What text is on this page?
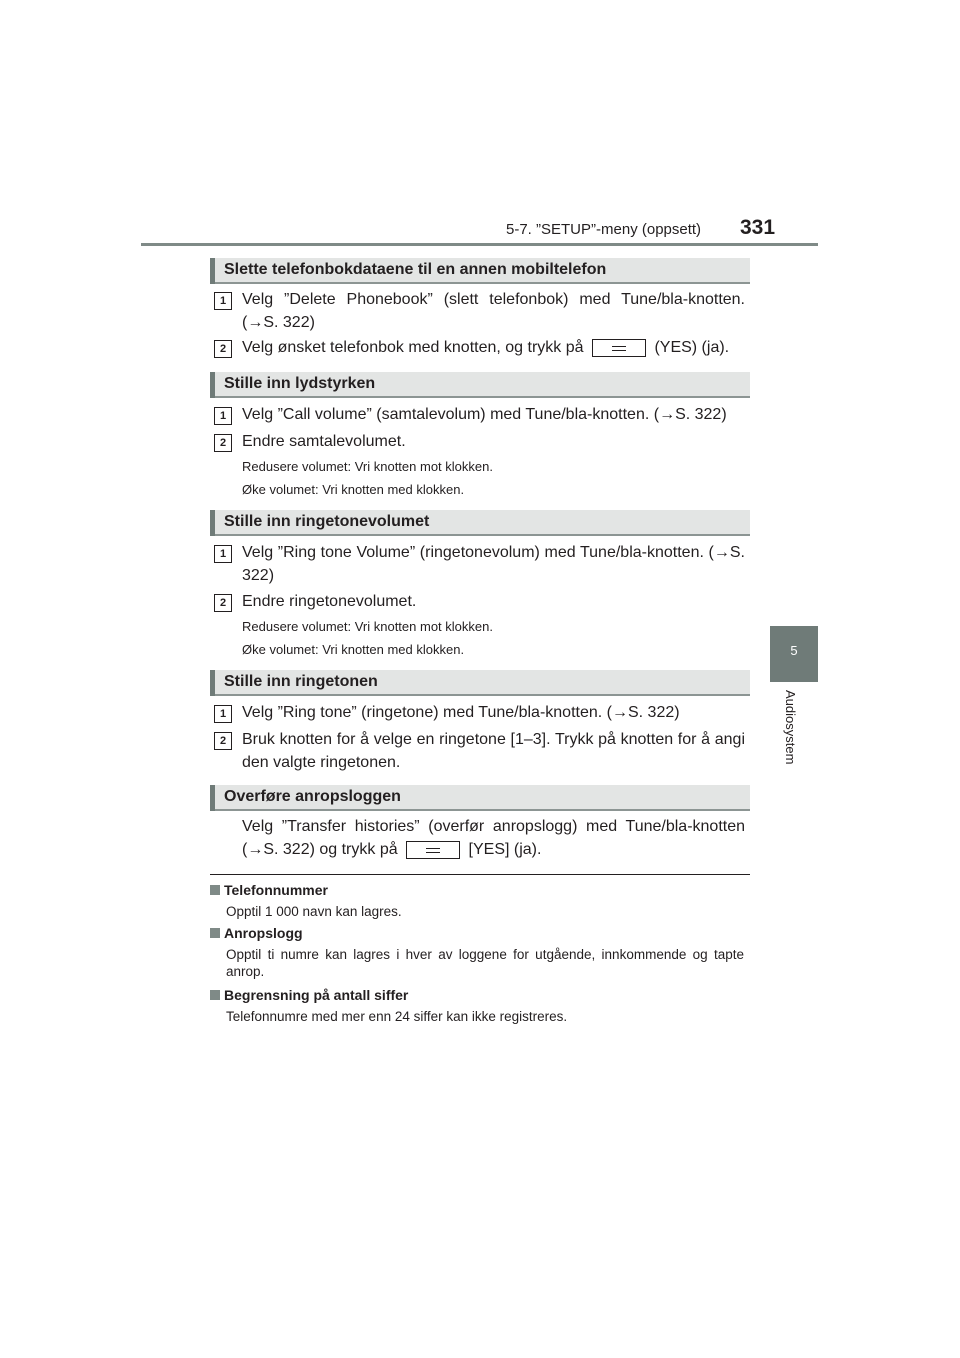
5-7. ”SETUP”-meny (oppsett) 331
5
Audiosystem
Slette telefonbokdataene til en annen mobiltelefon
1 Velg ”Delete Phonebook” (slett telefonbok) med Tune/bla-knotten. (→S. 322)
2 Velg ønsket telefonbok med knotten, og trykk på	(YES) (ja).
Stille inn lydstyrken
1 Velg ”Call volume” (samtalevolum) med Tune/bla-knotten. (→S. 322)
2 Endre samtalevolumet.
Redusere volumet: Vri knotten mot klokken.
Øke volumet: Vri knotten med klokken.
Stille inn ringetonevolumet
1 Velg ”Ring tone Volume” (ringetonevolum) med Tune/bla-knotten. (→S. 322)
2 Endre ringetonevolumet.
Redusere volumet: Vri knotten mot klokken.
Øke volumet: Vri knotten med klokken.
Stille inn ringetonen
1 Velg ”Ring tone” (ringetone) med Tune/bla-knotten. (→S. 322)
2 Bruk knotten for å velge en ringetone [1–3]. Trykk på knotten for å angi den valgte ringetonen.
Overføre anropsloggen
Velg ”Transfer histories” (overfør anropslogg) med Tune/bla-knotten (→S. 322) og trykk på	[YES] (ja).
Telefonnummer
Opptil 1 000 navn kan lagres.
Anropslogg
Opptil ti numre kan lagres i hver av loggene for utgående, innkommende og tapte anrop.
Begrensning på antall siffer
Telefonnumre med mer enn 24 siffer kan ikke registreres.
